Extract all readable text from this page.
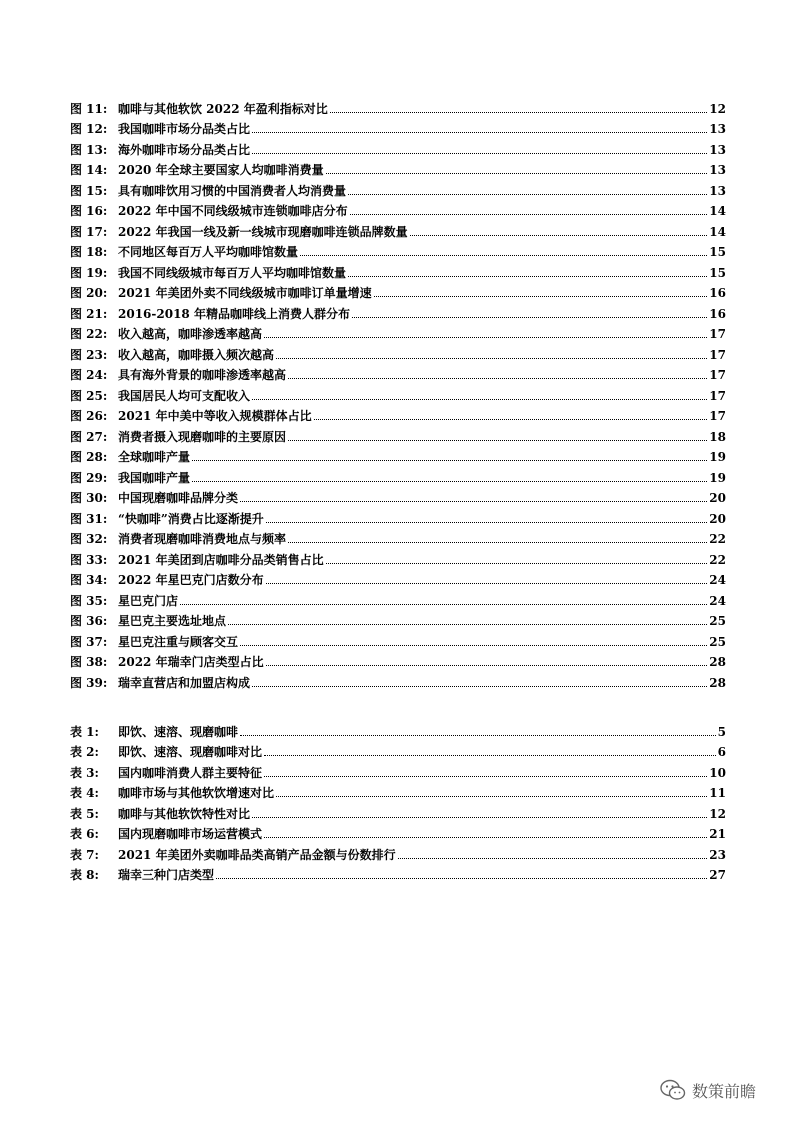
图 11: 咖啡与其他软饮 2022 年盈利指标对比	12
图 12: 我国咖啡市场分品类占比	13
图 13: 海外咖啡市场分品类占比	13
图 14: 2020 年全球主要国家人均咖啡消费量	13
图 15: 具有咖啡饮用习惯的中国消费者人均消费量	13
图 16: 2022 年中国不同线级城市连锁咖啡店分布	14
图 17: 2022 年我国一线及新一线城市现磨咖啡连锁品牌数量	14
图 18: 不同地区每百万人平均咖啡馆数量	15
图 19: 我国不同线级城市每百万人平均咖啡馆数量	15
图 20: 2021 年美团外卖不同线级城市咖啡订单量增速	16
图 21: 2016-2018 年精品咖啡线上消费人群分布	16
图 22: 收入越高，咖啡渗透率越高	17
图 23: 收入越高，咖啡摄入频次越高	17
图 24: 具有海外背景的咖啡渗透率越高	17
图 25: 我国居民人均可支配收入	17
图 26: 2021 年中美中等收入规模群体占比	17
图 27: 消费者摄入现磨咖啡的主要原因	18
图 28: 全球咖啡产量	19
图 29: 我国咖啡产量	19
图 30: 中国现磨咖啡品牌分类	20
图 31: “快咖啡”消费占比逐渐提升	20
图 32: 消费者现磨咖啡消费地点与频率	22
图 33: 2021 年美团到店咖啡分品类销售占比	22
图 34: 2022 年星巴克门店数分布	24
图 35: 星巴克门店	24
图 36: 星巴克主要选址地点	25
图 37: 星巴克注重与顾客交互	25
图 38: 2022 年瑞幸门店类型占比	28
图 39: 瑞幸直营店和加盟店构成	28
表 1:	即饮、速溶、现磨咖啡	5
表 2:	即饮、速溶、现磨咖啡对比	6
表 3:	国内咖啡消费人群主要特征	10
表 4:	咖啡市场与其他软饮增速对比	11
表 5:	咖啡与其他软饮特性对比	12
表 6:	国内现磨咖啡市场运营模式	21
表 7:	2021 年美团外卖咖啡品类高销产品金额与份数排行	23
表 8:	瑞幸三种门店类型	27
数策前瞻
